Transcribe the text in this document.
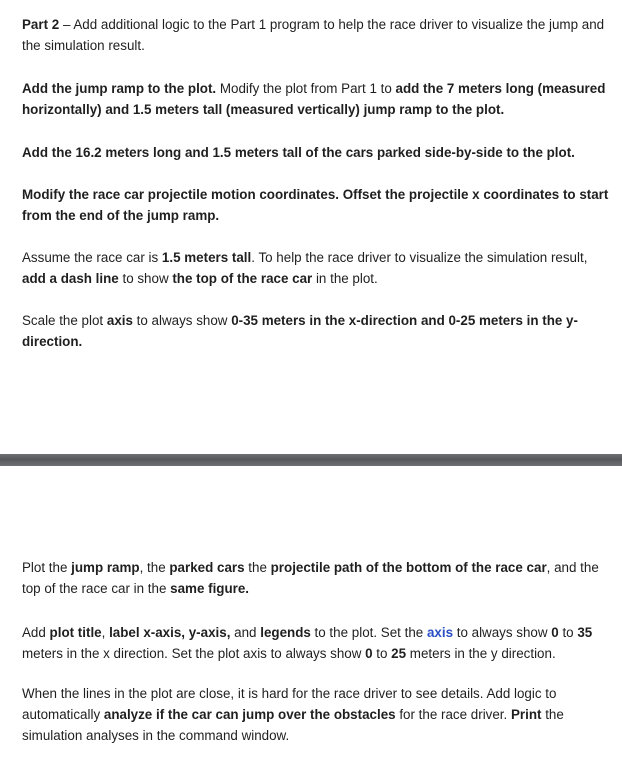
Part 2 – Add additional logic to the Part 1 program to help the race driver to visualize the jump and the simulation result.

Add the jump ramp to the plot. Modify the plot from Part 1 to add the 7 meters long (measured horizontally) and 1.5 meters tall (measured vertically) jump ramp to the plot.

Add the 16.2 meters long and 1.5 meters tall of the cars parked side-by-side to the plot.

Modify the race car projectile motion coordinates. Offset the projectile x coordinates to start from the end of the jump ramp.

Assume the race car is 1.5 meters tall. To help the race driver to visualize the simulation result, add a dash line to show the top of the race car in the plot.

Scale the plot axis to always show 0-35 meters in the x-direction and 0-25 meters in the y-direction.

Plot the jump ramp, the parked cars the projectile path of the bottom of the race car, and the top of the race car in the same figure.

Add plot title, label x-axis, y-axis, and legends to the plot. Set the axis to always show 0 to 35 meters in the x direction. Set the plot axis to always show 0 to 25 meters in the y direction.

When the lines in the plot are close, it is hard for the race driver to see details. Add logic to automatically analyze if the car can jump over the obstacles for the race driver. Print the simulation analyses in the command window.
